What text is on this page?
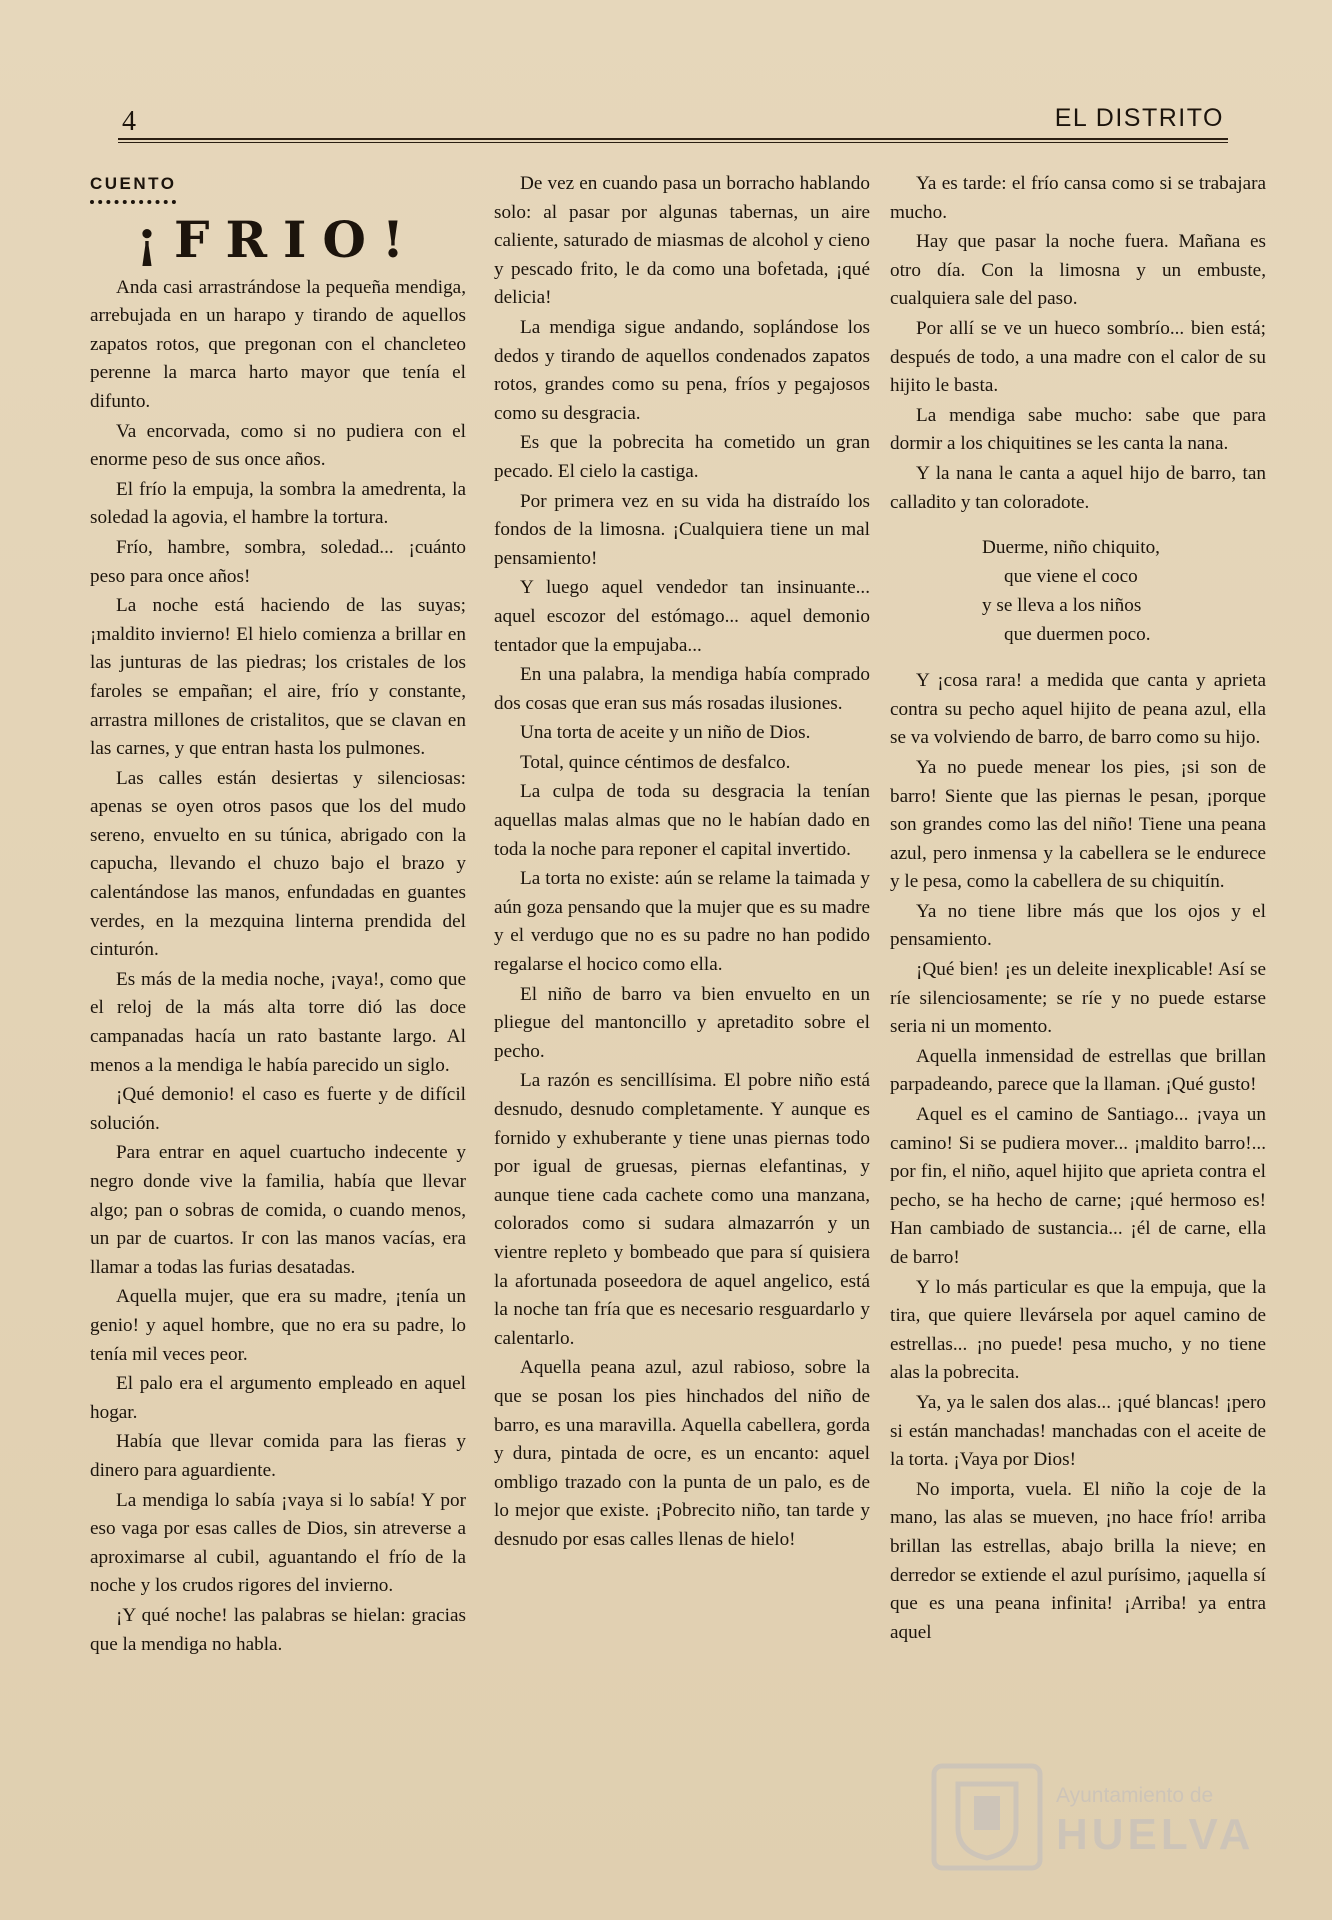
4	EL DISTRITO
CUENTO
¡FRIO!

Anda casi arrastrándose la pequeña mendiga, arrebujada en un harapo y tirando de aquellos zapatos rotos, que pregonan con el chancleteo perenne la marca harto mayor que tenía el difunto.

Va encorvada, como si no pudiera con el enorme peso de sus once años.

El frío la empuja, la sombra la amedrenta, la soledad la agovia, el hambre la tortura.

Frío, hambre, sombra, soledad... ¡cuánto peso para once años!

La noche está haciendo de las suyas; ¡maldito invierno! El hielo comienza a brillar en las junturas de las piedras; los cristales de los faroles se empañan; el aire, frío y constante, arrastra millones de cristalitos, que se clavan en las carnes, y que entran hasta los pulmones.

Las calles están desiertas y silenciosas: apenas se oyen otros pasos que los del mudo sereno, envuelto en su túnica, abrigado con la capucha, llevando el chuzo bajo el brazo y calentándose las manos, enfundadas en guantes verdes, en la mezquina linterna prendida del cinturón.

Es más de la media noche, ¡vaya!, como que el reloj de la más alta torre dió las doce campanadas hacía un rato bastante largo. Al menos a la mendiga le había parecido un siglo.

¡Qué demonio! el caso es fuerte y de difícil solución.

Para entrar en aquel cuartucho indecente y negro donde vive la familia, había que llevar algo; pan o sobras de comida, o cuando menos, un par de cuartos. Ir con las manos vacías, era llamar a todas las furias desatadas.

Aquella mujer, que era su madre, ¡tenía un genio! y aquel hombre, que no era su padre, lo tenía mil veces peor.

El palo era el argumento empleado en aquel hogar.

Había que llevar comida para las fieras y dinero para aguardiente.

La mendiga lo sabía ¡vaya si lo sabía! Y por eso vaga por esas calles de Dios, sin atreverse a aproximarse al cubil, aguantando el frío de la noche y los crudos rigores del invierno.

¡Y qué noche! las palabras se hielan: gracias que la mendiga no habla.

De vez en cuando pasa un borracho hablando solo: al pasar por algunas tabernas, un aire caliente, saturado de miasmas de alcohol y cieno y pescado frito, le da como una bofetada, ¡qué delicia!

La mendiga sigue andando, soplándose los dedos y tirando de aquellos condenados zapatos rotos, grandes como su pena, fríos y pegajosos como su desgracia.

Es que la pobrecita ha cometido un gran pecado. El cielo la castiga.

Por primera vez en su vida ha distraído los fondos de la limosna. ¡Cualquiera tiene un mal pensamiento!

Y luego aquel vendedor tan insinuante... aquel escozor del estómago... aquel demonio tentador que la empujaba...

En una palabra, la mendiga había comprado dos cosas que eran sus más rosadas ilusiones.

Una torta de aceite y un niño de Dios.

Total, quince céntimos de desfalco.

La culpa de toda su desgracia la tenían aquellas malas almas que no le habían dado en toda la noche para reponer el capital invertido.

La torta no existe: aún se relame la taimada y aún goza pensando que la mujer que es su madre y el verdugo que no es su padre no han podido regalarse el hocico como ella.

El niño de barro va bien envuelto en un pliegue del mantoncillo y apretadito sobre el pecho.

La razón es sencillísima. El pobre niño está desnudo, desnudo completamente. Y aunque es fornido y exhuberante y tiene unas piernas todo por igual de gruesas, piernas elefantinas, y aunque tiene cada cachete como una manzana, colorados como si sudara almazarrón y un vientre repleto y bombeado que para sí quisiera la afortunada poseedora de aquel angelico, está la noche tan fría que es necesario resguardarlo y calentarlo.

Aquella peana azul, azul rabioso, sobre la que se posan los pies hinchados del niño de barro, es una maravilla. Aquella cabellera, gorda y dura, pintada de ocre, es un encanto: aquel ombligo trazado con la punta de un palo, es de lo mejor que existe. ¡Pobrecito niño, tan tarde y desnudo por esas calles llenas de hielo!

Ya es tarde: el frío cansa como si se trabajara mucho.

Hay que pasar la noche fuera. Mañana es otro día. Con la limosna y un embuste, cualquiera sale del paso.

Por allí se ve un hueco sombrío... bien está; después de todo, a una madre con el calor de su hijito le basta.

La mendiga sabe mucho: sabe que para dormir a los chiquitines se les canta la nana.

Y la nana le canta a aquel hijo de barro, tan calladito y tan coloradote.

Duerme, niño chiquito,
que viene el coco
y se lleva a los niños
que duermen poco.

Y ¡cosa rara! a medida que canta y aprieta contra su pecho aquel hijito de peana azul, ella se va volviendo de barro, de barro como su hijo.

Ya no puede menear los pies, ¡si son de barro! Siente que las piernas le pesan, ¡porque son grandes como las del niño! Tiene una peana azul, pero inmensa y la cabellera se le endurece y le pesa, como la cabellera de su chiquitín.

Ya no tiene libre más que los ojos y el pensamiento.

¡Qué bien! ¡es un deleite inexplicable! Así se ríe silenciosamente; se ríe y no puede estarse seria ni un momento.

Aquella inmensidad de estrellas que brillan parpadeando, parece que la llaman. ¡Qué gusto!

Aquel es el camino de Santiago... ¡vaya un camino! Si se pudiera mover... ¡maldito barro!... por fin, el niño, aquel hijito que aprieta contra el pecho, se ha hecho de carne; ¡qué hermoso es! Han cambiado de sustancia... ¡él de carne, ella de barro!

Y lo más particular es que la empuja, que la tira, que quiere llevársela por aquel camino de estrellas... ¡no puede! pesa mucho, y no tiene alas la pobrecita.

Ya, ya le salen dos alas... ¡qué blancas! ¡pero si están manchadas! manchadas con el aceite de la torta. ¡Vaya por Dios!

No importa, vuela. El niño la coje de la mano, las alas se mueven, ¡no hace frío! arriba brillan las estrellas, abajo brilla la nieve; en derredor se extiende el azul purísimo, ¡aquella sí que es una peana infinita! ¡Arriba! ya entra aquel

Ayuntamiento de
HUELVA
